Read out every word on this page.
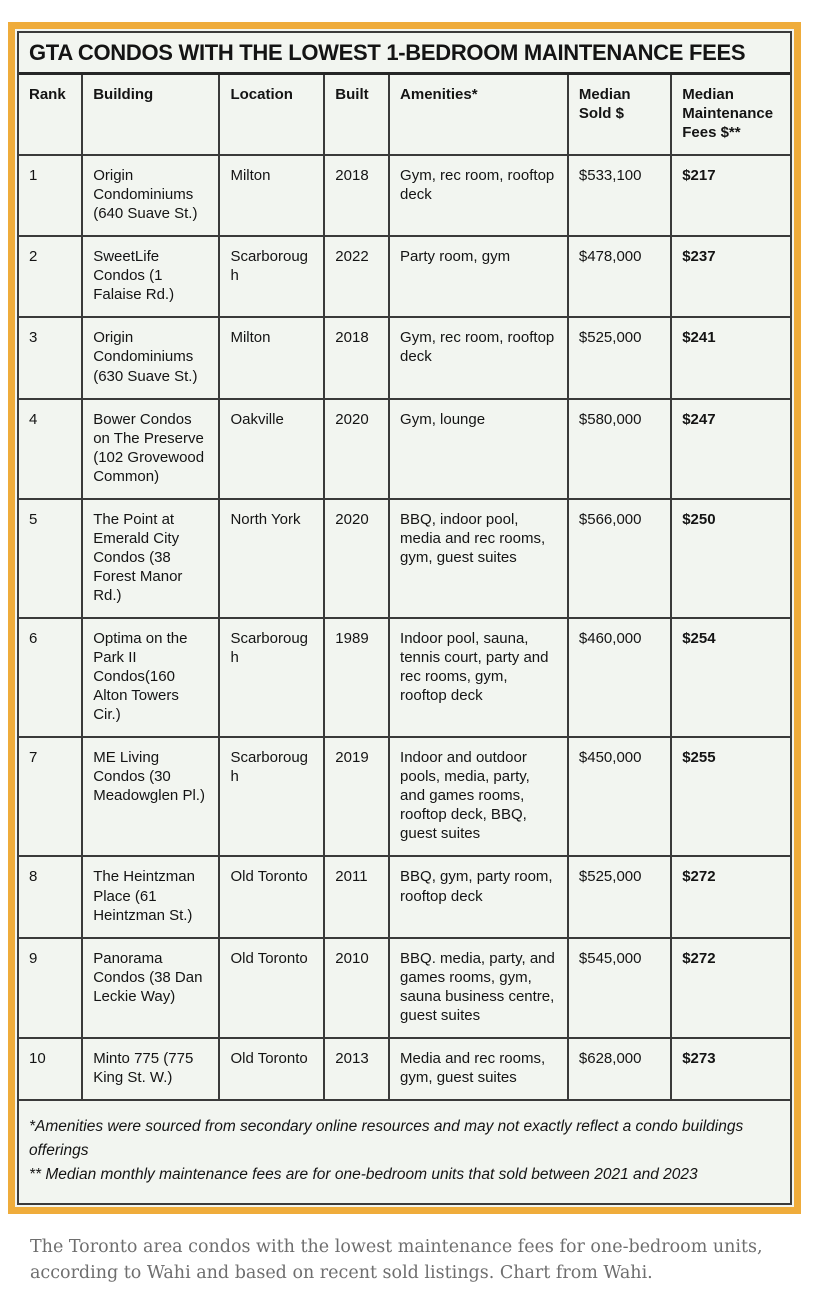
GTA CONDOS WITH THE LOWEST 1-BEDROOM MAINTENANCE FEES
Rank	Building	Location	Built	Amenities*	Median Sold $	Median Maintenance Fees $**
1	Origin Condominiums (640 Suave St.)	Milton	2018	Gym, rec room, rooftop deck	$533,100	$217
2	SweetLife Condos (1 Falaise Rd.)	Scarborough	2022	Party room, gym	$478,000	$237
3	Origin Condominiums (630 Suave St.)	Milton	2018	Gym, rec room, rooftop deck	$525,000	$241
4	Bower Condos on The Preserve (102 Grovewood Common)	Oakville	2020	Gym, lounge	$580,000	$247
5	The Point at Emerald City Condos (38 Forest Manor Rd.)	North York	2020	BBQ, indoor pool, media and rec rooms, gym, guest suites	$566,000	$250
6	Optima on the Park II Condos(160 Alton Towers Cir.)	Scarborough	1989	Indoor pool, sauna, tennis court, party and rec rooms, gym, rooftop deck	$460,000	$254
7	ME Living Condos (30 Meadowglen Pl.)	Scarborough	2019	Indoor and outdoor pools, media, party, and games rooms, rooftop deck, BBQ, guest suites	$450,000	$255
8	The Heintzman Place (61 Heintzman St.)	Old Toronto	2011	BBQ, gym, party room, rooftop deck	$525,000	$272
9	Panorama Condos (38 Dan Leckie Way)	Old Toronto	2010	BBQ. media, party, and games rooms, gym, sauna business centre, guest suites	$545,000	$272
10	Minto 775 (775 King St. W.)	Old Toronto	2013	Media and rec rooms, gym, guest suites	$628,000	$273

*Amenities were sourced from secondary online resources and may not exactly reflect a condo buildings offerings
** Median monthly maintenance fees are for one-bedroom units that sold between 2021 and 2023						

The Toronto area condos with the lowest maintenance fees for one-bedroom units, according to Wahi and based on recent sold listings. Chart from Wahi.
